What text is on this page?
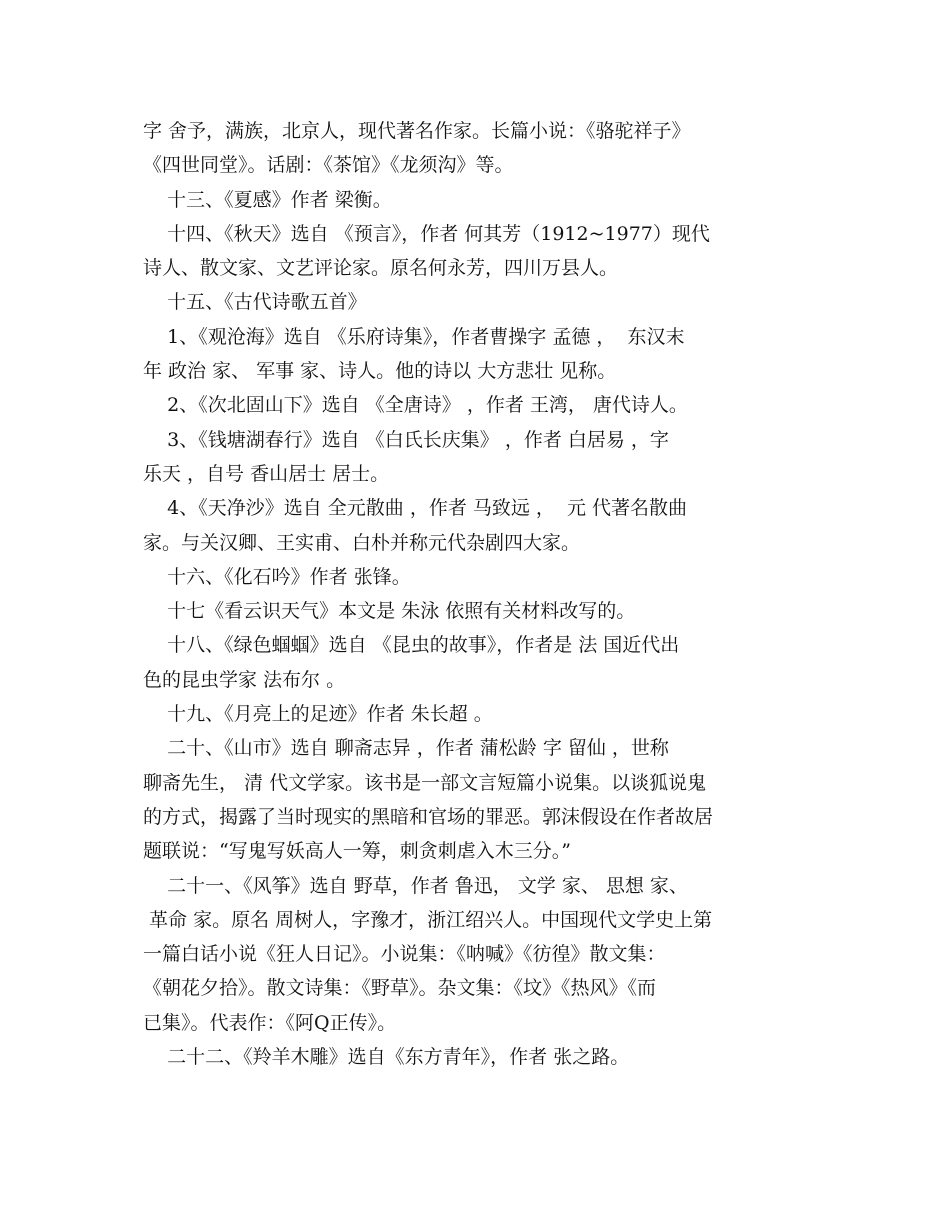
字 舍予，满族，北京人，现代著名作家。长篇小说：《骆驼祥子》
《四世同堂》。话剧：《茶馆》《龙须沟》等。
十三、《夏感》作者 梁衡。
十四、《秋天》选自 《预言》，作者 何其芳（1912~1977）现代
诗人、散文家、文艺评论家。原名何永芳，四川万县人。
十五、《古代诗歌五首》
1、《观沧海》选自 《乐府诗集》，作者曹操字 孟德 ，  东汉末
年 政治 家、 军事 家、诗人。他的诗以 大方悲壮 见称。
2、《次北固山下》选自 《全唐诗》 ，作者 王湾， 唐代诗人。
3、《钱塘湖春行》选自 《白氏长庆集》 ，作者 白居易 ，字
乐天 ，自号 香山居士 居士。
4、《天净沙》选自 全元散曲 ，作者 马致远 ，  元 代著名散曲
家。与关汉卿、王实甫、白朴并称元代杂剧四大家。
十六、《化石吟》作者 张锋。
十七《看云识天气》本文是 朱泳 依照有关材料改写的。
十八、《绿色蝈蝈》选自 《昆虫的故事》，作者是 法 国近代出
色的昆虫学家 法布尔 。
十九、《月亮上的足迹》作者 朱长超 。
二十、《山市》选自 聊斋志异 ，作者 蒲松龄 字 留仙 ，世称
聊斋先生， 清 代文学家。该书是一部文言短篇小说集。以谈狐说鬼
的方式，揭露了当时现实的黑暗和官场的罪恶。郭沫假设在作者故居
题联说：“写鬼写妖高人一筹，刺贪刺虐入木三分。”
二十一、《风筝》选自 野草，作者 鲁迅， 文学 家、 思想 家、
革命 家。原名 周树人，字豫才，浙江绍兴人。中国现代文学史上第
一篇白话小说《狂人日记》。小说集：《呐喊》《彷徨》散文集：
《朝花夕拾》。散文诗集：《野草》。杂文集：《坟》《热风》《而
已集》。代表作：《阿Q正传》。
二十二、《羚羊木雕》选自《东方青年》，作者 张之路。
